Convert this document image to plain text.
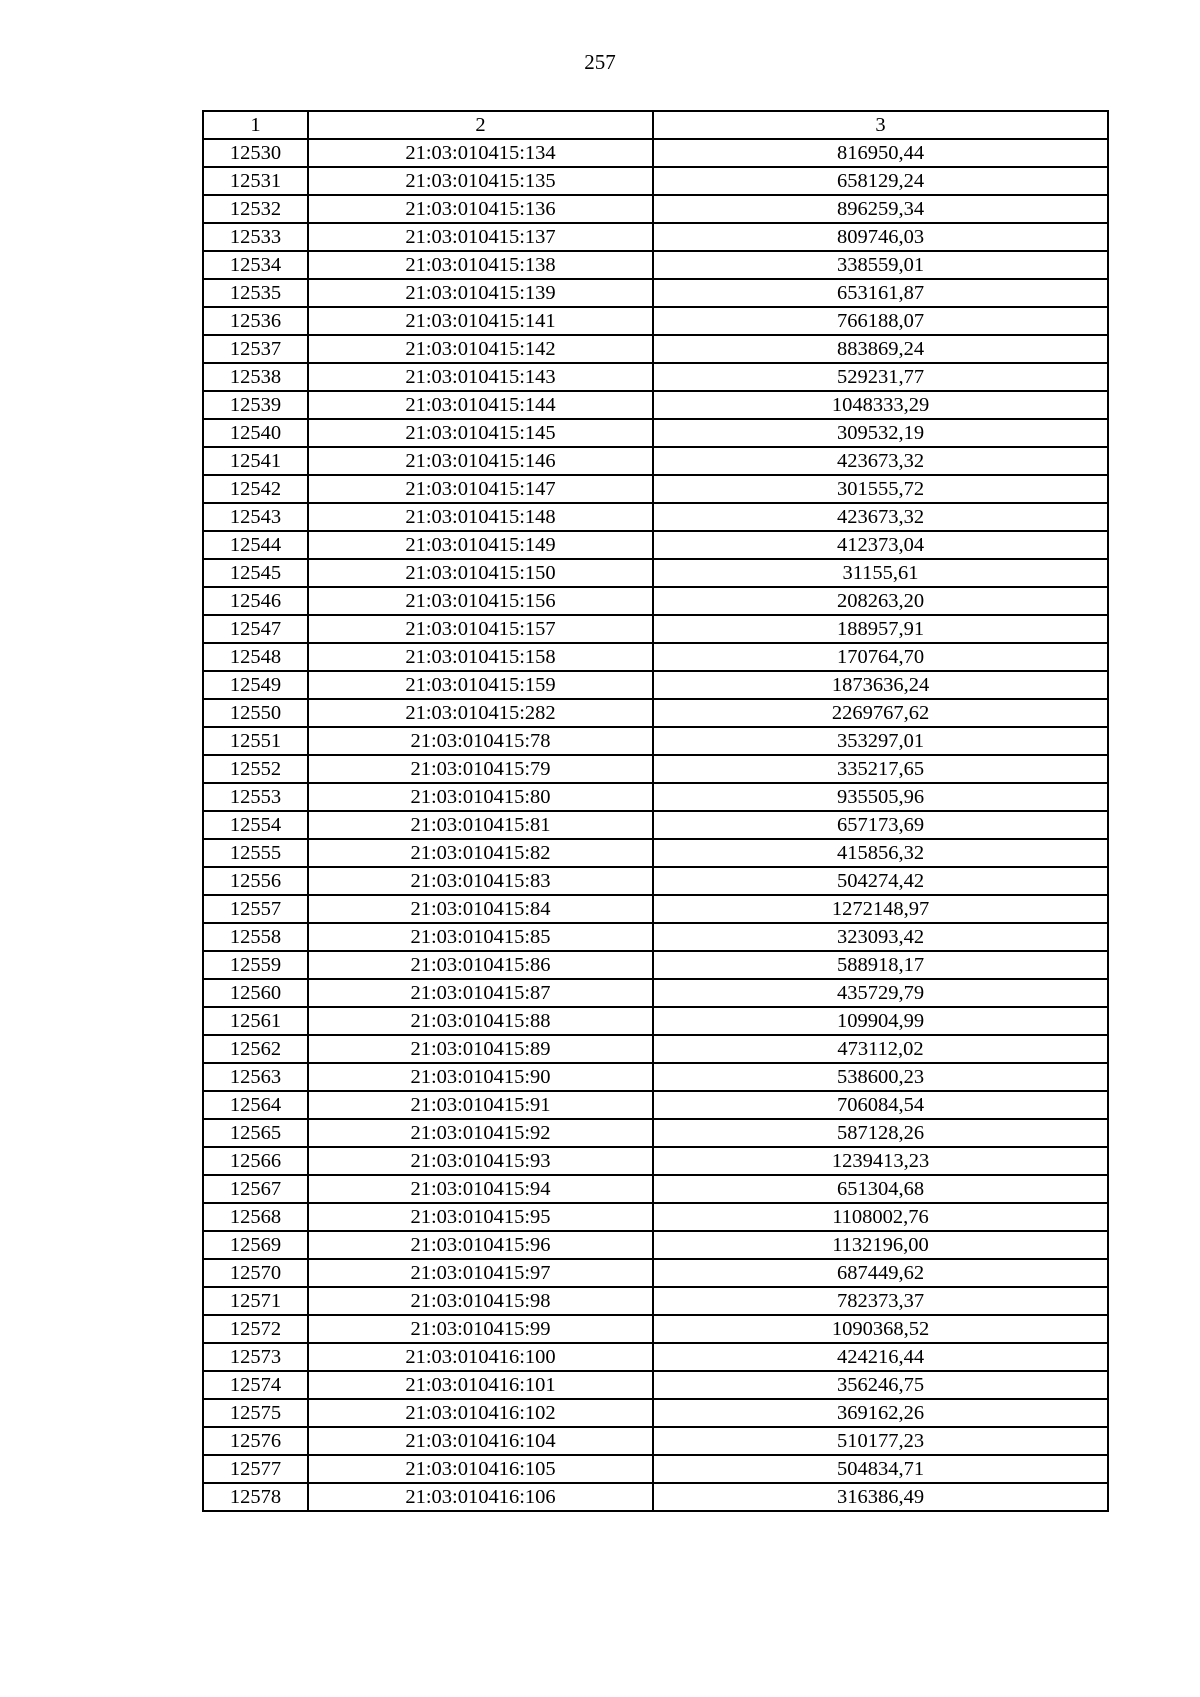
257
1	2	3
12530	21:03:010415:134	816950,44
12531	21:03:010415:135	658129,24
12532	21:03:010415:136	896259,34
12533	21:03:010415:137	809746,03
12534	21:03:010415:138	338559,01
12535	21:03:010415:139	653161,87
12536	21:03:010415:141	766188,07
12537	21:03:010415:142	883869,24
12538	21:03:010415:143	529231,77
12539	21:03:010415:144	1048333,29
12540	21:03:010415:145	309532,19
12541	21:03:010415:146	423673,32
12542	21:03:010415:147	301555,72
12543	21:03:010415:148	423673,32
12544	21:03:010415:149	412373,04
12545	21:03:010415:150	31155,61
12546	21:03:010415:156	208263,20
12547	21:03:010415:157	188957,91
12548	21:03:010415:158	170764,70
12549	21:03:010415:159	1873636,24
12550	21:03:010415:282	2269767,62
12551	21:03:010415:78	353297,01
12552	21:03:010415:79	335217,65
12553	21:03:010415:80	935505,96
12554	21:03:010415:81	657173,69
12555	21:03:010415:82	415856,32
12556	21:03:010415:83	504274,42
12557	21:03:010415:84	1272148,97
12558	21:03:010415:85	323093,42
12559	21:03:010415:86	588918,17
12560	21:03:010415:87	435729,79
12561	21:03:010415:88	109904,99
12562	21:03:010415:89	473112,02
12563	21:03:010415:90	538600,23
12564	21:03:010415:91	706084,54
12565	21:03:010415:92	587128,26
12566	21:03:010415:93	1239413,23
12567	21:03:010415:94	651304,68
12568	21:03:010415:95	1108002,76
12569	21:03:010415:96	1132196,00
12570	21:03:010415:97	687449,62
12571	21:03:010415:98	782373,37
12572	21:03:010415:99	1090368,52
12573	21:03:010416:100	424216,44
12574	21:03:010416:101	356246,75
12575	21:03:010416:102	369162,26
12576	21:03:010416:104	510177,23
12577	21:03:010416:105	504834,71
12578	21:03:010416:106	316386,49
